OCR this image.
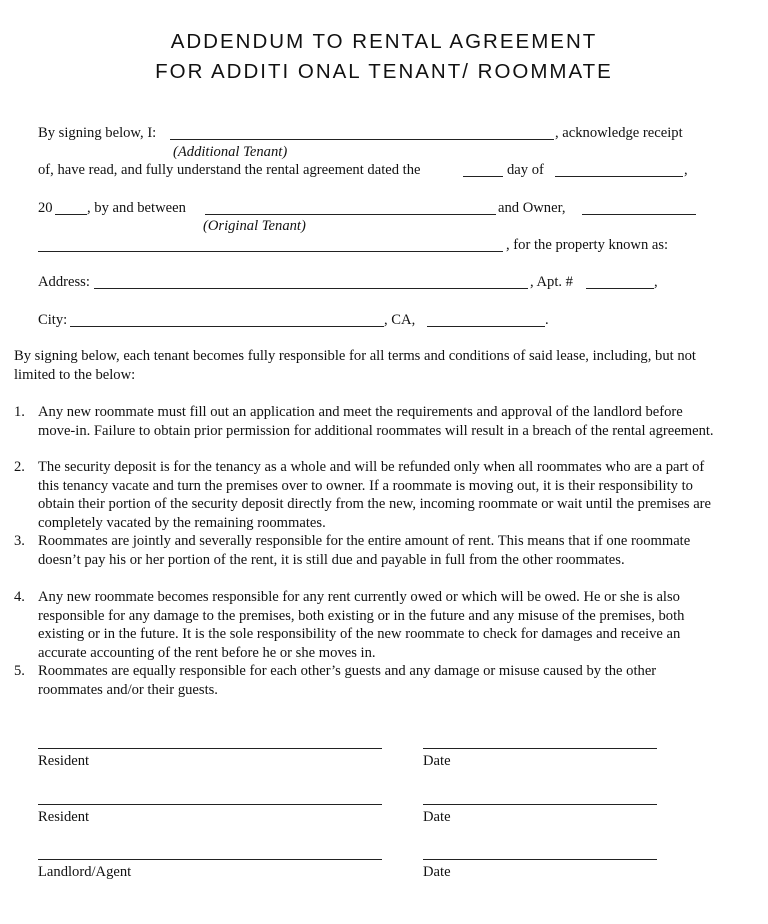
ADDENDUM TO RENTAL AGREEMENT
FOR ADDITI ONAL TENANT/ ROOMMATE
By signing below, I:	, acknowledge receipt
(Additional Tenant)
of, have read, and fully understand the rental agreement dated the	day of	,
20 , by and between	and Owner,
(Original Tenant)
, for the property known as:
Address:	, Apt. #	,
City:	, CA,	.
By signing below, each tenant becomes fully responsible for all terms and conditions of said lease, including, but not limited to the below:
1. Any new roommate must fill out an application and meet the requirements and approval of the landlord before move-in. Failure to obtain prior permission for additional roommates will result in a breach of the rental agreement.
2. The security deposit is for the tenancy as a whole and will be refunded only when all roommates who are a part of this tenancy vacate and turn the premises over to owner. If a roommate is moving out, it is their responsibility to obtain their portion of the security deposit directly from the new, incoming roommate or wait until the premises are completely vacated by the remaining roommates.
3. Roommates are jointly and severally responsible for the entire amount of rent. This means that if one roommate doesn’t pay his or her portion of the rent, it is still due and payable in full from the other roommates.
4. Any new roommate becomes responsible for any rent currently owed or which will be owed. He or she is also responsible for any damage to the premises, both existing or in the future and any misuse of the premises, both existing or in the future. It is the sole responsibility of the new roommate to check for damages and receive an accurate accounting of the rent before he or she moves in.
5. Roommates are equally responsible for each other’s guests and any damage or misuse caused by the other roommates and/or their guests.
Resident	Date
Resident	Date
Landlord/Agent	Date
